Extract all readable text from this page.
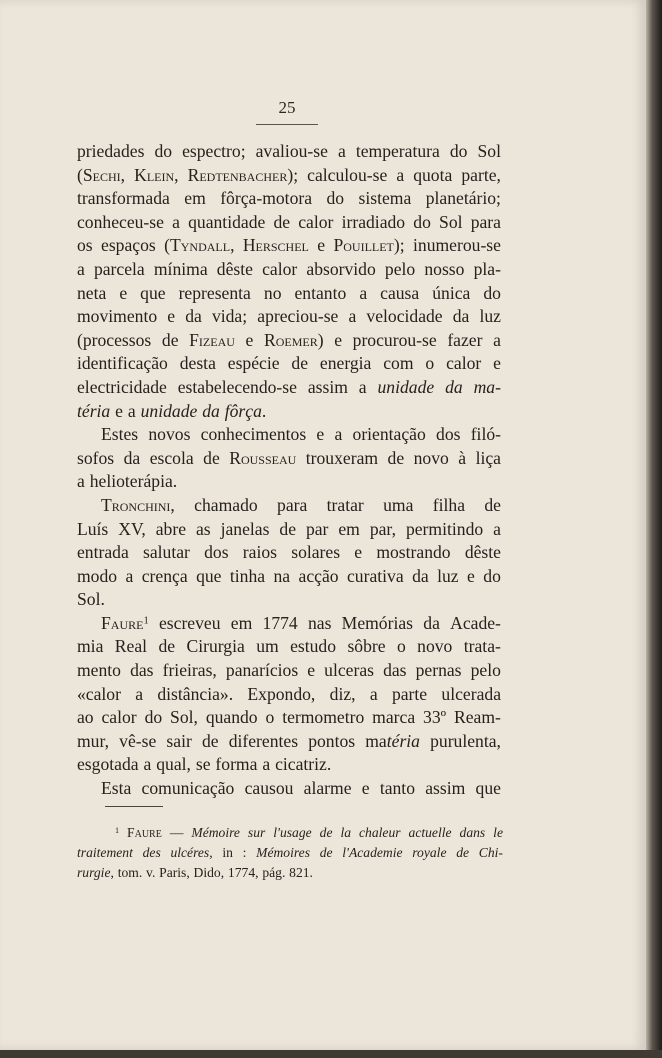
25
priedades do espectro; avaliou-se a temperatura do Sol
(Sechi, Klein, Redtenbacher); calculou-se a quota parte,
transformada em fôrça-motora do sistema planetário;
conheceu-se a quantidade de calor irradiado do Sol para
os espaços (Tyndall, Herschel e Pouillet); inumerou-se
a parcela mínima dêste calor absorvido pelo nosso pla-
neta e que representa no entanto a causa única do
movimento e da vida; apreciou-se a velocidade da luz
(processos de Fizeau e Roemer) e procurou-se fazer a
identificação desta espécie de energia com o calor e
electricidade estabelecendo-se assim a unidade da ma-
téria e a unidade da fôrça.
Estes novos conhecimentos e a orientação dos filó-
sofos da escola de Rousseau trouxeram de novo à liça
a helioterápia.
Tronchini, chamado para tratar uma filha de
Luís XV, abre as janelas de par em par, permitindo a
entrada salutar dos raios solares e mostrando dêste
modo a crença que tinha na acção curativa da luz e do
Sol.
Faure$^1$ escreveu em 1774 nas Memórias da Acade-
mia Real de Cirurgia um estudo sôbre o novo trata-
mento das frieiras, panarícios e ulceras das pernas pelo
«calor a distância». Expondo, diz, a parte ulcerada
ao calor do Sol, quando o termometro marca 33º Ream-
mur, vê-se sair de diferentes pontos matéria purulenta,
esgotada a qual, se forma a cicatriz.
Esta comunicação causou alarme e tanto assim que
$^1$ Faure — Mémoire sur l'usage de la chaleur actuelle dans le
traitement des ulcéres, in : Mémoires de l'Academie royale de Chi-
rurgie, tom. v. Paris, Dido, 1774, pág. 821.
